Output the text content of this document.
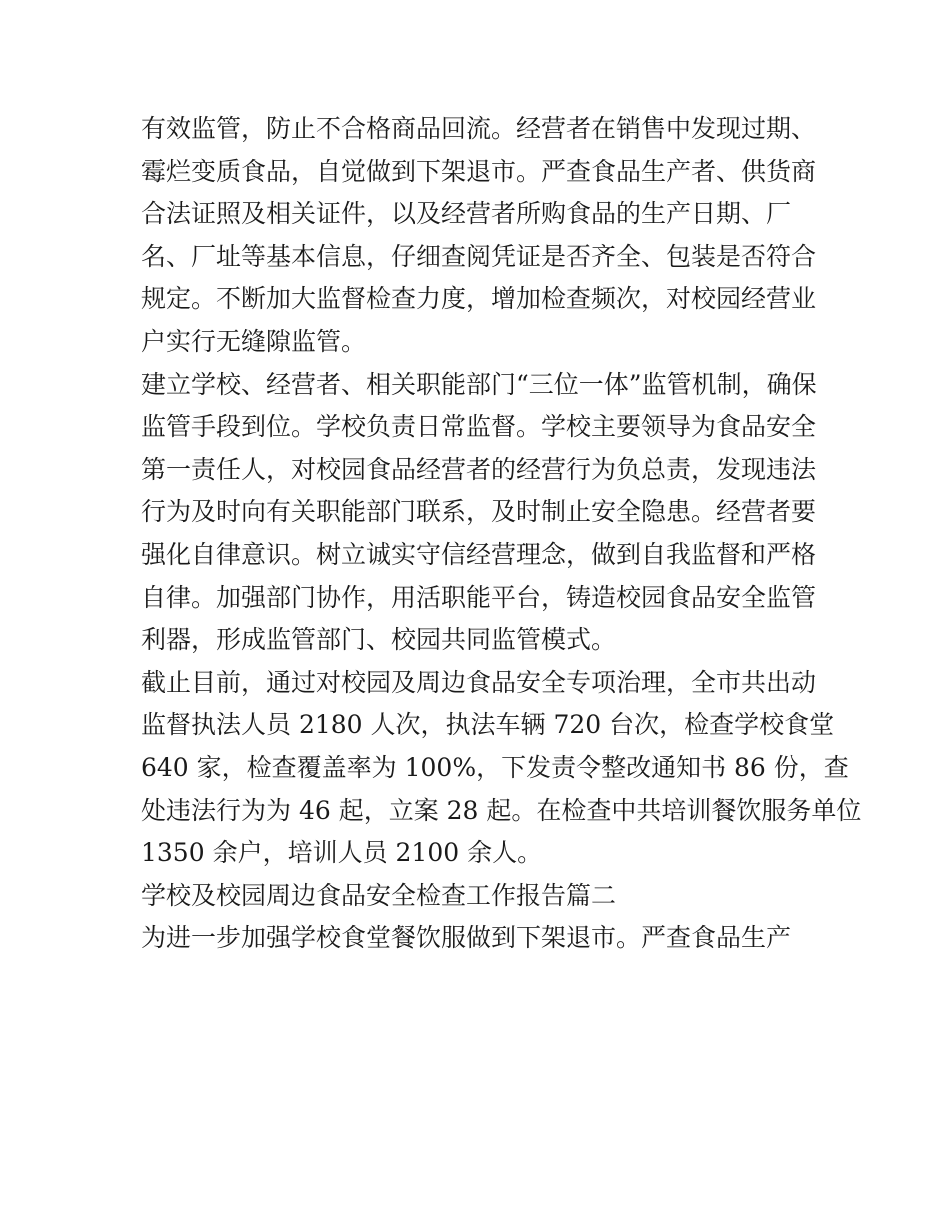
有效监管，防止不合格商品回流。经营者在销售中发现过期、
霉烂变质食品，自觉做到下架退市。严查食品生产者、供货商
合法证照及相关证件，以及经营者所购食品的生产日期、厂
名、厂址等基本信息，仔细查阅凭证是否齐全、包装是否符合
规定。不断加大监督检查力度，增加检查频次，对校园经营业
户实行无缝隙监管。
建立学校、经营者、相关职能部门“三位一体”监管机制，确保
监管手段到位。学校负责日常监督。学校主要领导为食品安全
第一责任人，对校园食品经营者的经营行为负总责，发现违法
行为及时向有关职能部门联系，及时制止安全隐患。经营者要
强化自律意识。树立诚实守信经营理念，做到自我监督和严格
自律。加强部门协作，用活职能平台，铸造校园食品安全监管
利器，形成监管部门、校园共同监管模式。
截止目前，通过对校园及周边食品安全专项治理，全市共出动
监督执法人员 2180 人次，执法车辆 720 台次，检查学校食堂
640 家，检查覆盖率为 100%，下发责令整改通知书 86 份，查
处违法行为为 46 起，立案 28 起。在检查中共培训餐饮服务单位
1350 余户，培训人员 2100 余人。
学校及校园周边食品安全检查工作报告篇二
为进一步加强学校食堂餐饮服做到下架退市。严查食品生产
